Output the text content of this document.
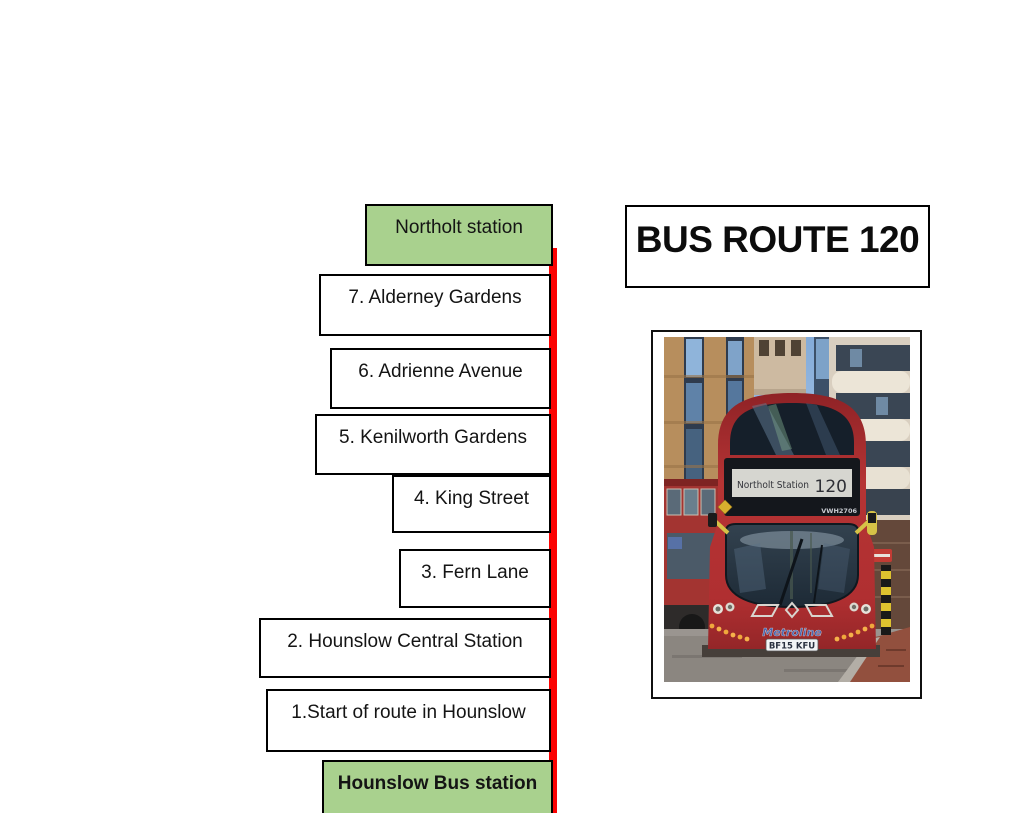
Northolt station
7. Alderney Gardens
6. Adrienne Avenue
5. Kenilworth Gardens
4. King Street
3. Fern Lane
2. Hounslow Central Station
1.Start of route in Hounslow
Hounslow Bus station
BUS ROUTE 120
Northolt Station 120
VWH2706
Metroline
BF15 KFU
